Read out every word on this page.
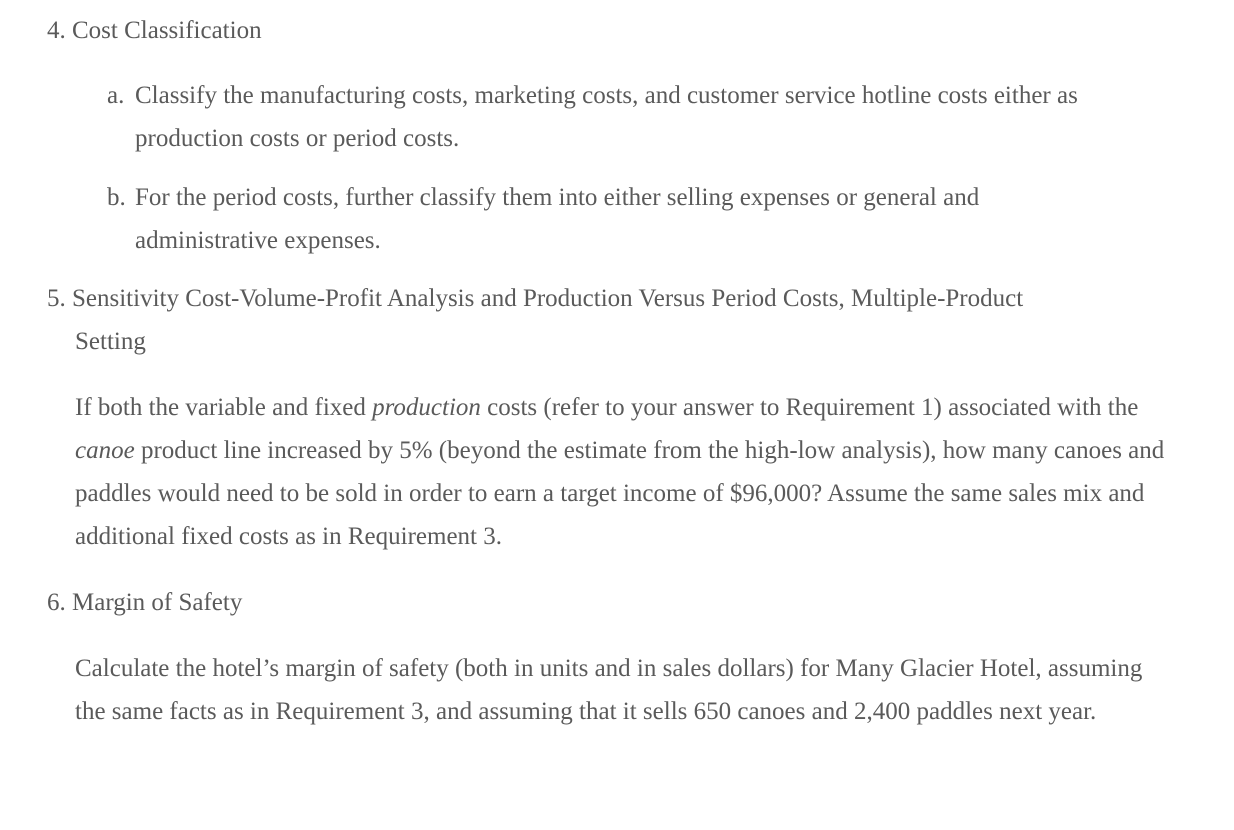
4. Cost Classification
a. Classify the manufacturing costs, marketing costs, and customer service hotline costs either as production costs or period costs.
b. For the period costs, further classify them into either selling expenses or general and administrative expenses.
5. Sensitivity Cost-Volume-Profit Analysis and Production Versus Period Costs, Multiple-Product
Setting
If both the variable and fixed production costs (refer to your answer to Requirement 1) associated with the canoe product line increased by 5% (beyond the estimate from the high-low analysis), how many canoes and paddles would need to be sold in order to earn a target income of $96,000? Assume the same sales mix and additional fixed costs as in Requirement 3.
6. Margin of Safety
Calculate the hotel’s margin of safety (both in units and in sales dollars) for Many Glacier Hotel, assuming the same facts as in Requirement 3, and assuming that it sells 650 canoes and 2,400 paddles next year.
